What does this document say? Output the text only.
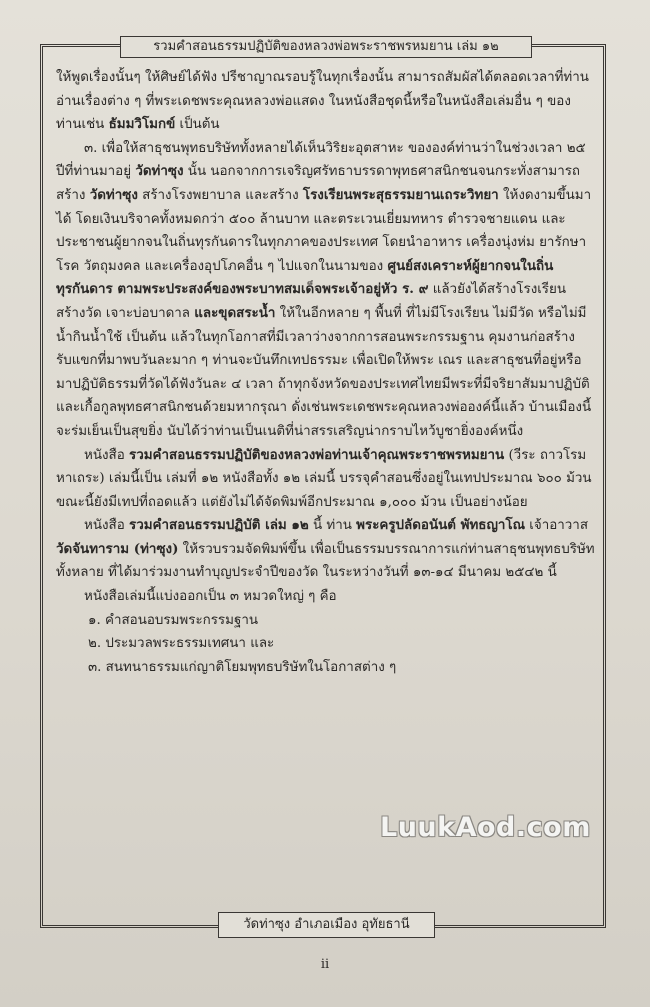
รวมคำสอนธรรมปฏิบัติของหลวงพ่อพระราชพรหมยาน เล่ม ๑๒

ให้พูดเรื่องนั้นๆ ให้ศิษย์ได้ฟัง ปรีชาญาณรอบรู้ในทุกเรื่องนั้น สามารถสัมผัสได้ตลอดเวลาที่ท่านอ่านเรื่องต่าง ๆ ที่พระเดชพระคุณหลวงพ่อแสดง ในหนังสือชุดนี้หรือในหนังสือเล่มอื่น ๆ ของท่านเช่น ธัมมวิโมกข์ เป็นต้น

๓. เพื่อให้สาธุชนพุทธบริษัททั้งหลายได้เห็นวิริยะอุตสาหะ ขององค์ท่านว่าในช่วงเวลา ๒๕ ปีที่ท่านมาอยู่ วัดท่าซุง นั้น นอกจากการเจริญศรัทธาบรรดาพุทธศาสนิกชนจนกระทั่งสามารถสร้าง วัดท่าซุง สร้างโรงพยาบาล และสร้าง โรงเรียนพระสุธรรมยานเถระวิทยา ให้งดงามขึ้นมาได้ โดยเงินบริจาคทั้งหมดกว่า ๕๐๐ ล้านบาท และตระเวนเยี่ยมทหาร ตำรวจชายแดน และประชาชนผู้ยากจนในถิ่นทุรกันดารในทุกภาคของประเทศ โดยนำอาหาร เครื่องนุ่งห่ม ยารักษาโรค วัตถุมงคล และเครื่องอุปโภคอื่น ๆ ไปแจกในนามของ ศูนย์สงเคราะห์ผู้ยากจนในถิ่นทุรกันดาร ตามพระประสงค์ของพระบาทสมเด็จพระเจ้าอยู่หัว ร. ๙ แล้วยังได้สร้างโรงเรียน สร้างวัด เจาะบ่อบาดาล และขุดสระน้ำ ให้ในอีกหลาย ๆ พื้นที่ ที่ไม่มีโรงเรียน ไม่มีวัด หรือไม่มีน้ำกินน้ำใช้ เป็นต้น แล้วในทุกโอกาสที่มีเวลาว่างจากการสอนพระกรรมฐาน คุมงานก่อสร้าง รับแขกที่มาพบวันละมาก ๆ ท่านจะบันทึกเทปธรรมะ เพื่อเปิดให้พระ เณร และสาธุชนที่อยู่หรือมาปฏิบัติธรรมที่วัดได้ฟังวันละ ๔ เวลา ถ้าทุกจังหวัดของประเทศไทยมีพระที่มีจริยาสัมมาปฏิบัติและเกื้อกูลพุทธศาสนิกชนด้วยมหากรุณา ดั่งเช่นพระเดชพระคุณหลวงพ่อองค์นี้แล้ว บ้านเมืองนี้จะร่มเย็นเป็นสุขยิ่ง นับได้ว่าท่านเป็นเนติที่น่าสรรเสริญน่ากราบไหว้บูชายิ่งองค์หนึ่ง

หนังสือ รวมคำสอนธรรมปฏิบัติของหลวงพ่อท่านเจ้าคุณพระราชพรหมยาน (วีระ ถาวโรมหาเถระ) เล่มนี้เป็น เล่มที่ ๑๒ หนังสือทั้ง ๑๒ เล่มนี้ บรรจุคำสอนซึ่งอยู่ในเทปประมาณ ๖๐๐ ม้วน ขณะนี้ยังมีเทปที่ถอดแล้ว แต่ยังไม่ได้จัดพิมพ์อีกประมาณ ๑,๐๐๐ ม้วน เป็นอย่างน้อย

หนังสือ รวมคำสอนธรรมปฏิบัติ เล่ม ๑๒ นี้ ท่าน พระครูปลัดอนันต์ พัทธญาโณ เจ้าอาวาส วัดจันทาราม (ท่าซุง) ให้รวบรวมจัดพิมพ์ขึ้น เพื่อเป็นธรรมบรรณาการแก่ท่านสาธุชนพุทธบริษัททั้งหลาย ที่ได้มาร่วมงานทำบุญประจำปีของวัด ในระหว่างวันที่ ๑๓-๑๔ มีนาคม ๒๕๔๒ นี้

หนังสือเล่มนี้แบ่งออกเป็น ๓ หมวดใหญ่ ๆ คือ

๑. คำสอนอบรมพระกรรมฐาน

๒. ประมวลพระธรรมเทศนา และ

๓. สนทนาธรรมแก่ญาติโยมพุทธบริษัทในโอกาสต่าง ๆ

LuukAod.com
วัดท่าซุง อำเภอเมือง อุทัยธานี
ii
